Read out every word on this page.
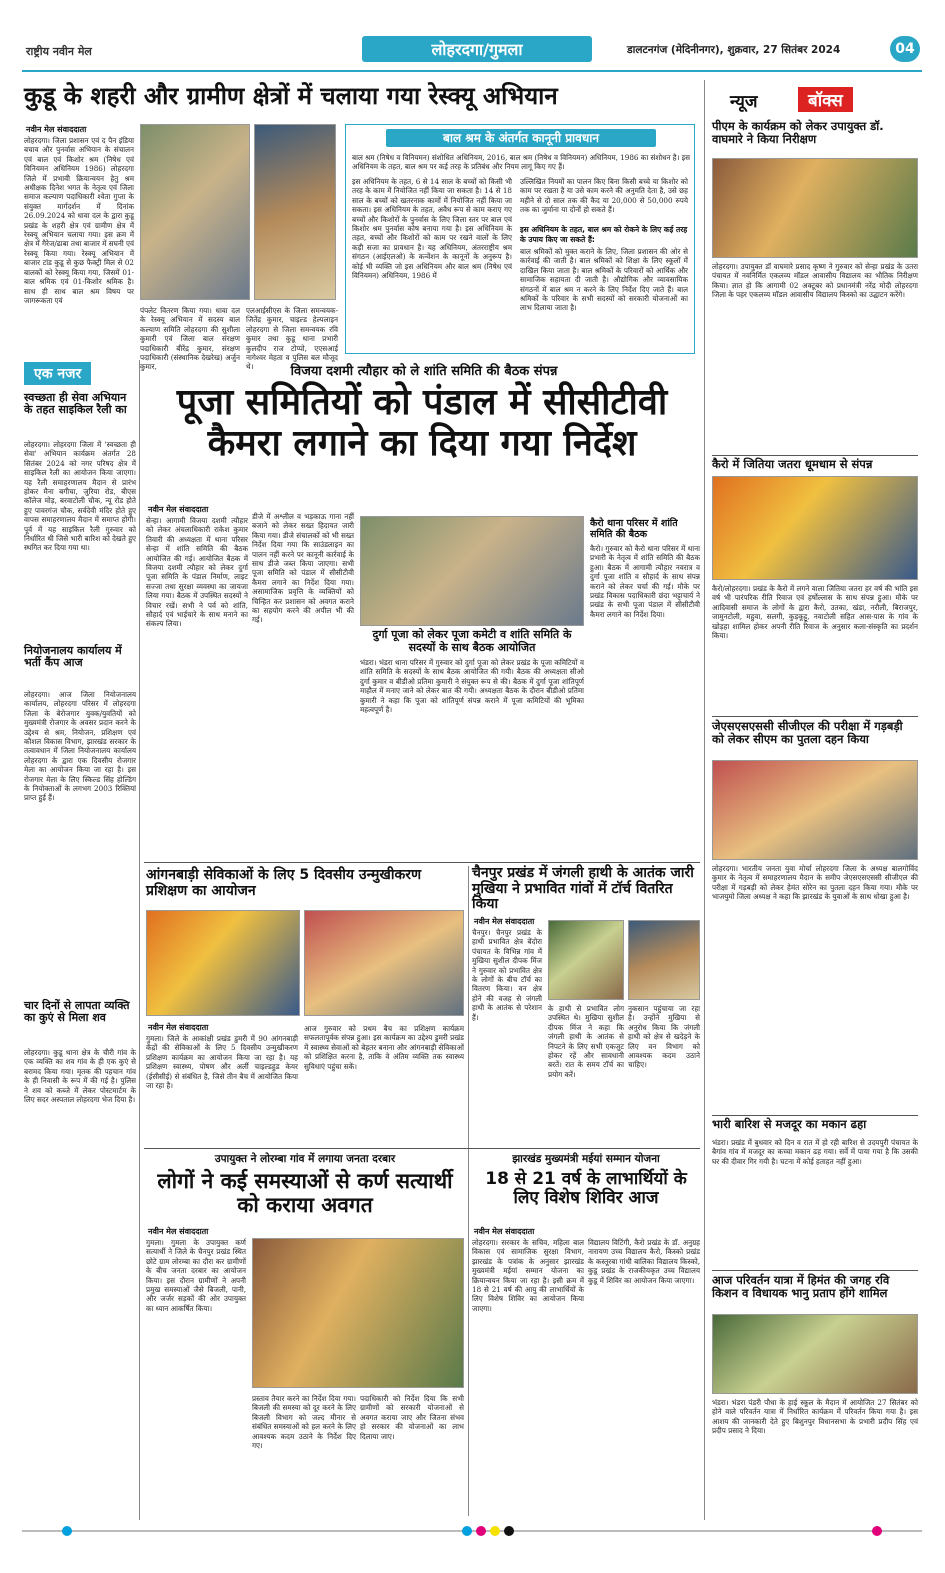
राष्ट्रीय नवीन मेल	लोहरदगा/गुमला	डालटनगंज (मेदिनीनगर), शुक्रवार, 27 सितंबर 2024	04
कुडू के शहरी और ग्रामीण क्षेत्रों में चलाया गया रेस्क्यू अभियान
नवीन मेल संवाददाता
लोहरदगा। जिला प्रशासन एवं द पैन इंडिया बचाव और पुनर्वास अभियान के संचालन एवं बाल एवं किशोर श्रम (निषेध एवं विनियमन अधिनियम 1986) लोहरदगा जिले में प्रभावी क्रियान्वयन हेतु श्रम अधीक्षक दिनेश भगत के नेतृत्व एवं जिला समाज कल्याण पदाधिकारी श्वेता गुप्ता के संयुक्त मार्गदर्शन में दिनांक 26.09.2024 को धावा दल के द्वारा कुडू प्रखंड के शहरी क्षेत्र एवं ग्रामीण क्षेत्र में रेस्क्यू अभियान चलाया गया। इस क्रम में क्षेत्र में गैरेज/ढाबा तथा बाजार में सघनी एवं रेस्क्यू किया गया। रेस्क्यू अभियान में बाजार टांड कुडू से कुछ फैक्ट्री मिल से 02 बालकों को रेस्क्यू किया गया, जिसमें 01-बाल श्रमिक एवं 01-किशोर श्रमिक है। साथ ही साथ बाल श्रम विषय पर जागरूकता एवं
पंपलेट वितरण किया गया। धावा दल के रेस्क्यू अभियान में सदस्य बाल कल्याण समिति लोहरदगा की सुशीला कुमारी एवं जिला बाल संरक्षण पदाधिकारी बीरेंद्र कुमार, संरक्षण पदाधिकारी (संस्थानिक देखरेख) अर्जुन कुमार,
एलआईसीएस के जिला समन्वयक-जितेंद्र कुमार, चाइल्ड हेल्पलाइन लोहरदगा से जिला समन्वयक रवि कुमार तथा कुडू थाना प्रभारी कुलदीप राज टोप्पो, एएसआई नागेश्वर मेहता व पुलिस बल मौजूद थे।
बाल श्रम के अंतर्गत कानूनी प्रावधान
बाल श्रम (निषेध व विनियमन) संशोधित अधिनियम, 2016, बाल श्रम (निषेध व विनियमन) अधिनियम, 1986 का संशोधन है। इस अधिनियम के तहत, बाल श्रम पर कई तरह के प्रतिबंध और नियम लागू किए गए हैं।
इस अधिनियम के तहत, 6 से 14 साल के बच्चों को किसी भी तरह के काम में नियोजित नहीं किया जा सकता है। 14 से 18 साल के बच्चों को खतरनाक कामों में नियोजित नहीं किया जा सकता। इस अधिनियम के तहत, अवैध रूप से काम कराए गए बच्चों और किशोरों के पुनर्वास के लिए जिला स्तर पर बाल एवं किशोर श्रम पुनर्वास कोष बनाया गया है। इस अधिनियम के तहत, बच्चों और किशोरों को काम पर रखने वालों के लिए कड़ी सजा का प्रावधान है। यह अधिनियम, अंतरराष्ट्रीय श्रम संगठन (आईएलओ) के कन्वेंशन के कानूनों के अनुरूप है। कोई भी व्यक्ति जो इस अधिनियम और बाल श्रम (निषेध एवं विनियमन) अधिनियम, 1986 में
उल्लिखित नियमों का पालन किए बिना किसी बच्चे या किशोर को काम पर रखता है या उसे काम करने की अनुमति देता है, उसे छह महीने से दो साल तक की कैद या 20,000 से 50,000 रुपये तक का जुर्माना या दोनों हो सकते हैं।
इस अधिनियम के तहत, बाल श्रम को रोकने के लिए कई तरह के उपाय किए जा सकते हैं:
बाल श्रमिकों को मुक्त कराने के लिए, जिला प्रशासन की ओर से कार्रवाई की जाती है। बाल श्रमिकों को शिक्षा के लिए स्कूलों में दाखिल किया जाता है। बाल श्रमिकों के परिवारों को आर्थिक और सामाजिक सहायता दी जाती है। औद्योगिक और व्यावसायिक संगठनों में बाल श्रम न करने के लिए निर्देश दिए जाते हैं। बाल श्रमिकों के परिवार के सभी सदस्यों को सरकारी योजनाओं का लाभ दिलाया जाता है।
न्यूज	बॉक्स
पीएम के कार्यक्रम को लेकर उपायुक्त डॉ. वाघमारे ने किया निरीक्षण
लोहरदगा। उपायुक्त डॉ वाघमारे प्रसाद कृष्ण ने गुरुवार को सेन्हा प्रखंड के उतरा पंचायत में नवनिर्मित एकलव्य मॉडल आवासीय विद्यालय का भौतिक निरीक्षण किया। ज्ञात हो कि आगामी 02 अक्टूबर को प्रधानमंत्री नरेंद्र मोदी लोहरदगा जिला के पहर एकलव्य मॉडल आवासीय विद्यालय किस्को का उद्घाटन करेंगे।
कैरो में जितिया जतरा धूमधाम से संपन्न
कैरो/लोहरदगा। प्रखंड के कैरो में लगने वाला जितिया जतरा हर वर्ष की भांति इस वर्ष भी पारंपरिक रीति रिवाज एवं हर्षोल्लास के साथ संपन्न हुआ। मौके पर आदिवासी समाज के लोगों के द्वारा कैरो, उतका, खंडा, नरौली, बिराजपुर, जामुनटोली, महुवा, सलगी, कुड़कूट्टू, नवाटोली सहित आस-पास के गांव के खोड़हा शामिल होकर अपनी रीति रिवाज के अनुसार कला-संस्कृति का प्रदर्शन किया।
जेएसएसएससी सीजीएल की परीक्षा में गड़बड़ी को लेकर सीएम का पुतला दहन किया
लोहरदगा। भारतीय जनता युवा मोर्चा लोहरदगा जिला के अध्यक्ष बालगोविंद कुमार के नेतृत्व में समाहरणालय मैदान के समीप जेएसएसएससी सीजीएल की परीक्षा में गड़बड़ी को लेकर हेमंत सोरेन का पुतला दहन किया गया। मौके पर भाजयुमो जिला अध्यक्ष ने कहा कि झारखंड के युवाओं के साथ धोखा हुआ है।
भारी बारिश से मजदूर का मकान ढहा
भंडरा। प्रखंड में बुधवार को दिन व रात में हो रही बारिश से उदयपुरी पंचायत के बैगांव गांव में मजदूर का कच्चा मकान ढह गया। सर्वे में पाया गया है कि उसकी घर की दीवार गिर गयी है। घटना में कोई हताहत नहीं हुआ।
आज परिवर्तन यात्रा में हिमंत की जगह रवि किशन व विधायक भानु प्रताप होंगे शामिल
भंडरा। भंडरा पंडरी पौधा के हाई स्कूल के मैदान में आयोजित 27 सितंबर को होने वाले परिवर्तन यात्रा में निर्धारित कार्यक्रम में परिवर्तन किया गया है। इस आशय की जानकारी देते हुए बिशुनपुर विधानसभा के प्रभारी प्रदीप सिंह एवं प्रदीप प्रसाद ने दिया।
एक नजर
स्वच्छता ही सेवा अभियान के तहत साइकिल रैली का
लोहरदगा। लोहरदगा जिला में 'स्वच्छता ही सेवा' अभियान कार्यक्रम अंतर्गत 28 सितंबर 2024 को नगर परिषद क्षेत्र में साइकिल रैली का आयोजन किया जाएगा। यह रैली समाहरणालय मैदान से प्रारंभ होकर मैना बगीचा, जुरिया रोड, बीएस कॉलेज मोड़, बरवाटोली चौक, न्यू रोड होते हुए पावरगंज चौक, सर्वदेवी मंदिर होते हुए वापस समाहरणालय मैदान में समाप्त होगी। पूर्व में यह साइकिल रैली गुरुवार को निर्धारित थी जिसे भारी बारिश को देखते हुए स्थगित कर दिया गया था।
नियोजनालय कार्यालय में भर्ती कैंप आज
लोहरदगा। आज जिला नियोजनालय कार्यालय, लोहरदगा परिसर में लोहरदगा जिला के बेरोजगार युवक/युवतियों को मुख्यमंत्री रोजगार के अवसर प्रदान करने के उद्देश्य से श्रम, नियोजन, प्रशिक्षण एवं कौशल विकास विभाग, झारखंड सरकार के तत्वावधान में जिला नियोजनालय कार्यालय लोहरदगा के द्वारा एक दिवसीय रोजगार मेला का आयोजन किया जा रहा है। इस रोजगार मेला के लिए स्किल्ड सिंह होल्डिंग के नियोक्ताओं के लगभग 2003 रिक्तियां प्राप्त हुई हैं।
चार दिनों से लापता व्यक्ति का कुएं से मिला शव
लोहरदगा। कुडू थाना क्षेत्र के चीरी गांव के एक व्यक्ति का शव गांव के ही एक कुएं से बरामद किया गया। मृतक की पहचान गांव के ही निवासी के रूप में की गई है। पुलिस ने शव को कब्जे में लेकर पोस्टमार्टम के लिए सदर अस्पताल लोहरदगा भेज दिया है।
विजया दशमी त्यौहार को ले शांति समिति की बैठक संपन्न
पूजा समितियों को पंडाल में सीसीटीवी कैमरा लगाने का दिया गया निर्देश
नवीन मेल संवाददाता
सेन्हा। आगामी विजया दशमी त्यौहार को लेकर अंचलाधिकारी राकेश कुमार तिवारी की अध्यक्षता में थाना परिसर सेन्हा में शांति समिति की बैठक आयोजित की गई। आयोजित बैठक में विजया दशमी त्यौहार को लेकर दुर्गा पूजा समिति के पंडाल निर्माण, लाइट सज्जा तथा सुरक्षा व्यवस्था का जायजा लिया गया। बैठक में उपस्थित सदस्यों ने विचार रखें। सभी ने पर्व को शांति, सौहार्द एवं भाईचारे के साथ मनाने का संकल्प लिया।
डीजे में अश्लील व भड़काऊ गाना नहीं बजाने को लेकर सख्त हिदायत जारी किया गया। डीजे संचालकों को भी सख्त निर्देश दिया गया कि साउंडलाइन का पालन नहीं करने पर कानूनी कार्रवाई के साथ डीजे जब्त किया जाएगा। सभी पूजा समिति को पंडाल में सीसीटीवी कैमरा लगाने का निर्देश दिया गया। असामाजिक प्रवृत्ति के व्यक्तियों को चिन्हित कर प्रशासन को अवगत कराने का सहयोग करने की अपील भी की गई।
दुर्गा पूजा को लेकर पूजा कमेटी व शांति समिति के सदस्यों के साथ बैठक आयोजित
भंडरा। भंडरा थाना परिसर में गुरुवार को दुर्गा पूजा को लेकर प्रखंड के पूजा कमिटियों व शांति समिति के सदस्यों के साथ बैठक आयोजित की गयी। बैठक की अध्यक्षता सीओ दुर्गा कुमार व बीडीओ प्रतिमा कुमारी ने संयुक्त रूप से की। बैठक में दुर्गा पूजा शांतिपूर्ण माहौल में मनाए जाने को लेकर बात की गयी। अध्यक्षता बैठक के दौरान बीडीओ प्रतिमा कुमारी ने कहा कि पूजा को शांतिपूर्ण संपन्न कराने में पूजा कमिटियों की भूमिका महत्वपूर्ण है।
कैरो थाना परिसर में शांति समिति की बैठक
कैरो। गुरुवार को कैरो थाना परिसर में थाना प्रभारी के नेतृत्व में शांति समिति की बैठक हुआ। बैठक में आगामी त्यौहार नवरात्र व दुर्गा पूजा शांति व सौहार्द के साथ संपन्न कराने को लेकर चर्चा की गई। मौके पर प्रखंड विकास पदाधिकारी छंदा भट्टाचार्य ने प्रखंड के सभी पूजा पंडाल में सीसीटीवी कैमरा लगाने का निर्देश दिया।
आंगनबाड़ी सेविकाओं के लिए 5 दिवसीय उन्मुखीकरण प्रशिक्षण का आयोजन
नवीन मेल संवाददाता
गुमला। जिले के आकांक्षी प्रखंड डुमरी में 90 आंगनबाड़ी केंद्रों की सेविकाओं के लिए 5 दिवसीय उन्मुखीकरण प्रशिक्षण कार्यक्रम का आयोजन किया जा रहा है। यह प्रशिक्षण स्वास्थ्य, पोषण और अर्ली चाइल्डहुड केयर (ईसीसीई) से संबंधित है, जिसे तीन बैच में आयोजित किया जा रहा है।
आज गुरुवार को प्रथम बैच का प्रशिक्षण कार्यक्रम सफलतापूर्वक संपन्न हुआ। इस कार्यक्रम का उद्देश्य डुमरी प्रखंड में स्वास्थ्य सेवाओं को बेहतर बनाना और आंगनबाड़ी सेविकाओं को प्रशिक्षित करना है, ताकि वे अंतिम व्यक्ति तक स्वास्थ्य सुविधाएं पहुंचा सकें।
चैनपुर प्रखंड में जंगली हाथी के आतंक जारी मुखिया ने प्रभावित गांवों में टॉर्च वितरित किया
नवीन मेल संवाददाता
चैनपुर। चैनपुर प्रखंड के हाथी प्रभावित क्षेत्र बेंदोरा पंचायत के विभिन्न गांव में मुखिया सुशील दीपक मिंज ने गुरुवार को प्रभावित क्षेत्र के लोगों के बीच टॉर्च का वितरण किया। वन क्षेत्र होने की वजह से जंगली हाथी के आतंक से परेशान हैं।
के हाथी से प्रभावित लोग उपस्थित थे। मुखिया सुशील दीपक मिंज ने कहा कि जंगली हाथी के आतंक से निपटने के लिए सभी एकजुट होकर रहें और सावधानी बरतें। रात के समय टॉर्च का प्रयोग करें।
नुकसान पहुंचाया जा रहा है। उन्होंने मुखिया से अनुरोध किया कि जंगली हाथी को क्षेत्र से खदेड़ने के लिए वन विभाग को आवश्यक कदम उठाने चाहिए।
उपायुक्त ने लोरम्बा गांव में लगाया जनता दरबार
लोगों ने कई समस्याओं से कर्ण सत्यार्थी को कराया अवगत
नवीन मेल संवाददाता
गुमला। गुमला के उपायुक्त कर्ण सत्यार्थी ने जिले के चैनपुर प्रखंड स्थित छोटे ग्राम लोरम्बा का दौरा कर ग्रामीणों के बीच जनता दरबार का आयोजन किया। इस दौरान ग्रामीणों ने अपनी प्रमुख समस्याओं जैसे बिजली, पानी, और जर्जर सड़कों की ओर उपायुक्त का ध्यान आकर्षित किया।
प्रस्ताव तैयार करने का निर्देश दिया गया। बिजली की समस्या को दूर करने के लिए बिजली विभाग को जल्द मीनार से संबंधित समस्याओं को हल करने के लिए आवश्यक कदम उठाने के निर्देश दिए गए।
पदाधिकारी को निर्देश दिया कि सभी ग्रामीणों को सरकारी योजनाओं से अवगत कराया जाए और जितना संभव हो सरकार की योजनाओं का लाभ दिलाया जाए।
झारखंड मुख्यमंत्री मईयां सम्मान योजना
18 से 21 वर्ष के लाभार्थियों के लिए विशेष शिविर आज
नवीन मेल संवाददाता
लोहरदगा। सरकार के सचिव, महिला बाल विकास एवं सामाजिक सुरक्षा विभाग, झारखंड के पत्रांक के अनुसार झारखंड मुख्यमंत्री मईयां सम्मान योजना का क्रियान्वयन किया जा रहा है। इसी क्रम में 18 से 21 वर्ष की आयु की लाभार्थियों के लिए विशेष शिविर का आयोजन किया जाएगा।
विद्यालय विटिंगी, कैरो प्रखंड के डॉ. अनुग्रह नारायण उच्च विद्यालय कैरो, किस्को प्रखंड के कस्तूरबा गांधी बालिका विद्यालय किस्को, कुडू प्रखंड के राजकीयकृत उच्च विद्यालय कुडू में शिविर का आयोजन किया जाएगा।
